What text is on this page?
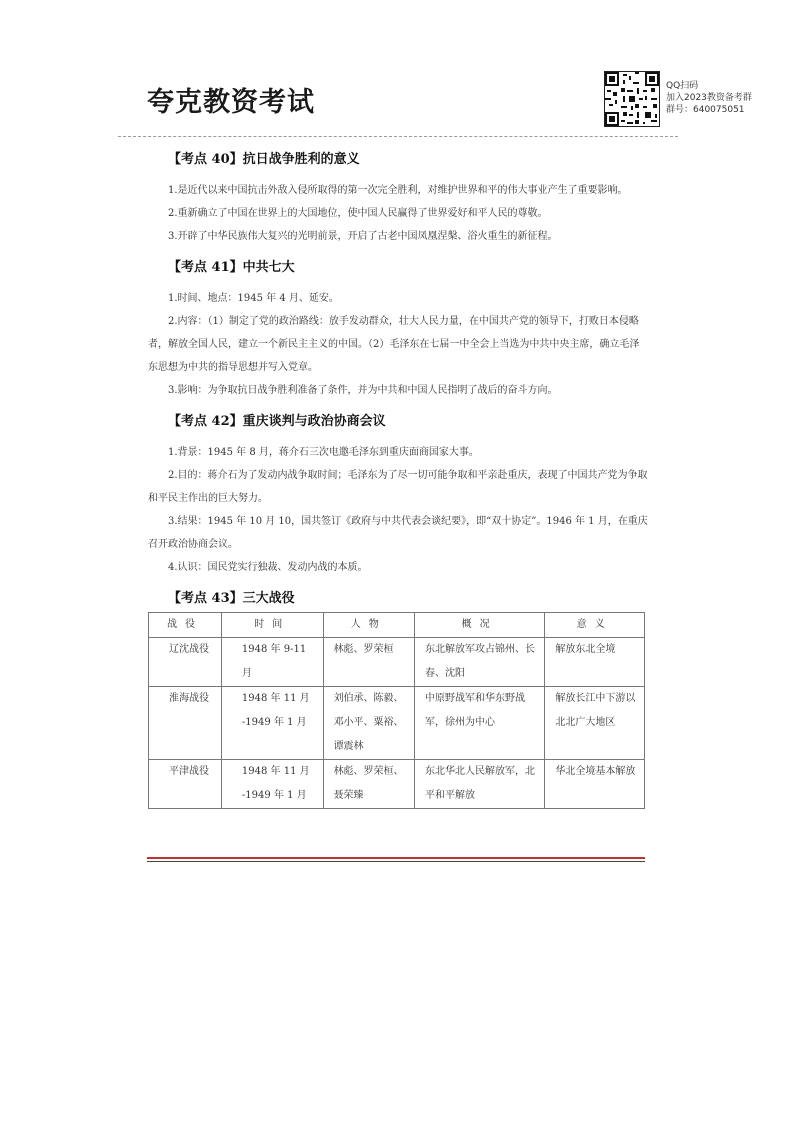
夸克教资考试
QQ扫码
加入2023教资备考群
群号：640075051
【考点 40】抗日战争胜利的意义

1.是近代以来中国抗击外敌入侵所取得的第一次完全胜利，对维护世界和平的伟大事业产生了重要影响。

2.重新确立了中国在世界上的大国地位，使中国人民赢得了世界爱好和平人民的尊敬。

3.开辟了中华民族伟大复兴的光明前景，开启了古老中国凤凰涅槃、浴火重生的新征程。

【考点 41】中共七大

1.时间、地点：1945 年 4 月、延安。

2.内容：（1）制定了党的政治路线：放手发动群众，壮大人民力量，在中国共产党的领导下，打败日本侵略者，解放全国人民，建立一个新民主主义的中国。（2）毛泽东在七届一中全会上当选为中共中央主席，确立毛泽东思想为中共的指导思想并写入党章。

3.影响：为争取抗日战争胜利准备了条件，并为中共和中国人民指明了战后的奋斗方向。

【考点 42】重庆谈判与政治协商会议

1.背景：1945 年 8 月，蒋介石三次电邀毛泽东到重庆面商国家大事。

2.目的：蒋介石为了发动内战争取时间；毛泽东为了尽一切可能争取和平亲赴重庆，表现了中国共产党为争取和平民主作出的巨大努力。

3.结果：1945 年 10 月 10，国共签订《政府与中共代表会谈纪要》，即“双十协定”。1946 年 1 月，在重庆召开政治协商会议。

4.认识：国民党实行独裁、发动内战的本质。

【考点 43】三大战役
战役	时间	人物	概况	意义
辽沈战役	1948 年 9-11 月	林彪、罗荣桓	东北解放军攻占锦州、长春、沈阳	解放东北全境
淮海战役	1948 年 11 月 -1949 年 1 月	刘伯承、陈毅、邓小平、粟裕、谭震林	中原野战军和华东野战军，徐州为中心	解放长江中下游以北北广大地区
平津战役	1948 年 11 月 -1949 年 1 月	林彪、罗荣桓、聂荣臻	东北华北人民解放军，北平和平解放	华北全境基本解放
